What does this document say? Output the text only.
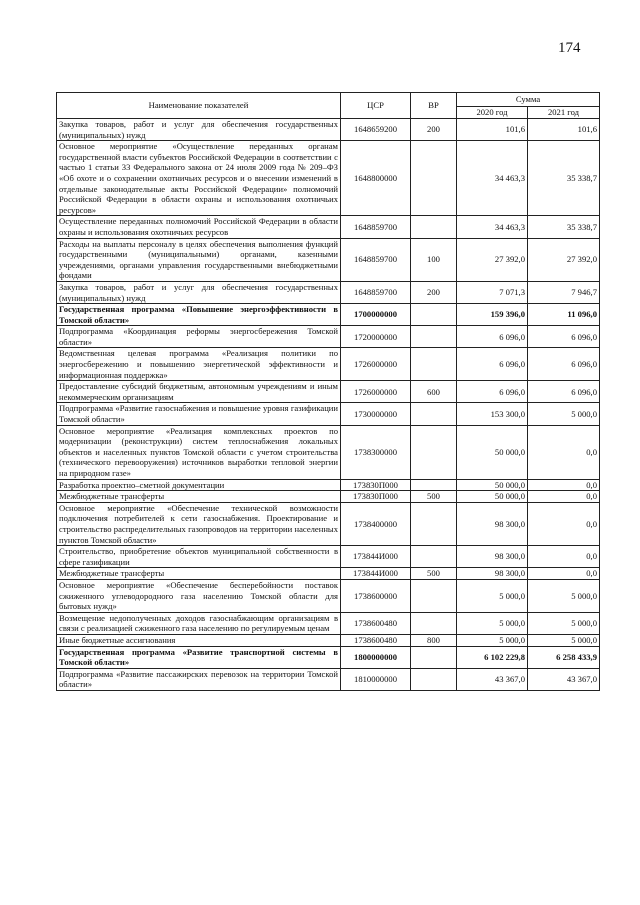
174
Наименование показателей	ЦСР	ВР	Сумма	
			2020 год	2021 год
Закупка товаров, работ и услуг для обеспечения государственных (муниципальных) нужд	1648659200	200	101,6	101,6
Основное мероприятие «Осуществление переданных органам государственной власти субъектов Российской Федерации в соответствии с частью 1 статьи 33 Федерального закона от 24 июля 2009 года № 209–ФЗ «Об охоте и о сохранении охотничьих ресурсов и о внесении изменений в отдельные законодательные акты Российской Федерации» полномочий Российской Федерации в области охраны и использования охотничьих ресурсов»	1648800000		34 463,3	35 338,7
Осуществление переданных полномочий Российской Федерации в области охраны и использования охотничьих ресурсов	1648859700		34 463,3	35 338,7
Расходы на выплаты персоналу в целях обеспечения выполнения функций государственными (муниципальными) органами, казенными учреждениями, органами управления государственными внебюджетными фондами	1648859700	100	27 392,0	27 392,0
Закупка товаров, работ и услуг для обеспечения государственных (муниципальных) нужд	1648859700	200	7 071,3	7 946,7
Государственная программа «Повышение энергоэффективности в Томской области»	1700000000		159 396,0	11 096,0
Подпрограмма «Координация реформы энергосбережения Томской области»	1720000000		6 096,0	6 096,0
Ведомственная целевая программа «Реализация политики по энергосбережению и повышению энергетической эффективности и информационная поддержка»	1726000000		6 096,0	6 096,0
Предоставление субсидий бюджетным, автономным учреждениям и иным некоммерческим организациям	1726000000	600	6 096,0	6 096,0
Подпрограмма «Развитие газоснабжения и повышение уровня газификации Томской области»	1730000000		153 300,0	5 000,0
Основное мероприятие «Реализация комплексных проектов по модернизации (реконструкции) систем теплоснабжения локальных объектов и населенных пунктов Томской области с учетом строительства (технического перевооружения) источников выработки тепловой энергии на природном газе»	1738300000		50 000,0	0,0
Разработка проектно–сметной документации	173830П000		50 000,0	0,0
Межбюджетные трансферты	173830П000	500	50 000,0	0,0
Основное мероприятие «Обеспечение технической возможности подключения потребителей к сети газоснабжения. Проектирование и строительство распределительных газопроводов на территории населенных пунктов Томской области»	1738400000		98 300,0	0,0
Строительство, приобретение объектов муниципальной собственности в сфере газификации	173844И000		98 300,0	0,0
Межбюджетные трансферты	173844И000	500	98 300,0	0,0
Основное мероприятие «Обеспечение бесперебойности поставок сжиженного углеводородного газа населению Томской области для бытовых нужд»	1738600000		5 000,0	5 000,0
Возмещение недополученных доходов газоснабжающим организациям в связи с реализацией сжиженного газа населению по регулируемым ценам	1738600480		5 000,0	5 000,0
Иные бюджетные ассигнования	1738600480	800	5 000,0	5 000,0
Государственная программа «Развитие транспортной системы в Томской области»	1800000000		6 102 229,8	6 258 433,9
Подпрограмма «Развитие пассажирских перевозок на территории Томской области»	1810000000		43 367,0	43 367,0
